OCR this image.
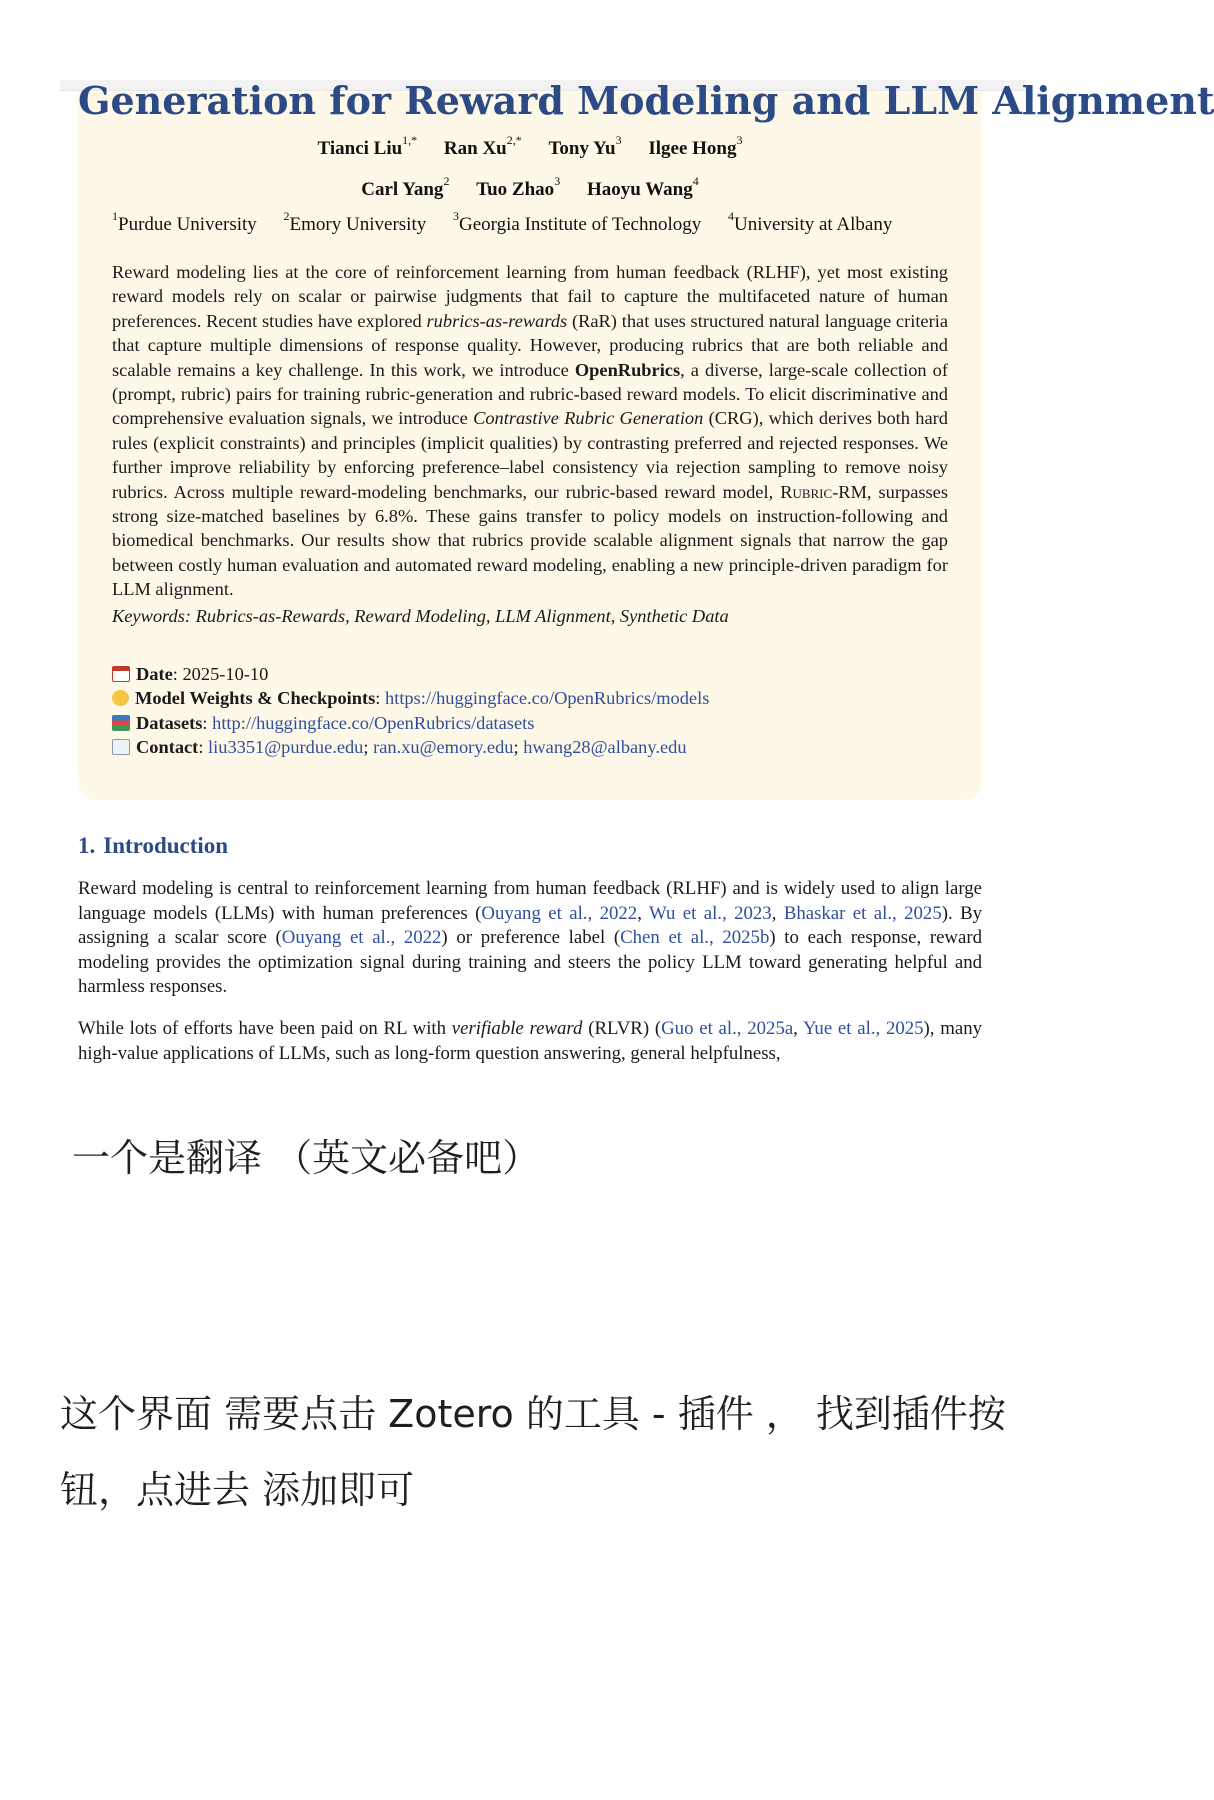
Generation for Reward Modeling and LLM Alignment
Tianci Liu$^{1,*}$ Ran $Xu^{2,*}$ Tony Yu$^3$ Ilgee Hong$^3$
Carl Yang$^2$ Tuo Zhao$^3$ Haoyu Wang$^4$
$^1$Purdue University $^2$Emory University $^3$Georgia Institute of Technology $^4$University at Albany

Reward modeling lies at the core of reinforcement learning from human feedback (RLHF), yet most existing reward models rely on scalar or pairwise judgments that fail to capture the multifaceted nature of human preferences. Recent studies have explored rubrics-as-rewards (RaR) that uses structured natural language criteria that capture multiple dimensions of response quality. However, producing rubrics that are both reliable and scalable remains a key challenge. In this work, we introduce OpenRubrics, a diverse, large-scale collection of (prompt, rubric) pairs for training rubric-generation and rubric-based reward models. To elicit discriminative and comprehensive evaluation signals, we introduce Contrastive Rubric Generation (CRG), which derives both hard rules (explicit constraints) and principles (implicit qualities) by contrasting preferred and rejected responses. We further improve reliability by enforcing preference–label consistency via rejection sampling to remove noisy rubrics. Across multiple reward-modeling benchmarks, our rubric-based reward model, Rubric-RM, surpasses strong size-matched baselines by 6.8%. These gains transfer to policy models on instruction-following and biomedical benchmarks. Our results show that rubrics provide scalable alignment signals that narrow the gap between costly human evaluation and automated reward modeling, enabling a new principle-driven paradigm for LLM alignment.

Keywords: Rubrics-as-Rewards, Reward Modeling, LLM Alignment, Synthetic Data

Date: 2025-10-10
Model Weights & Checkpoints: https://huggingface.co/OpenRubrics/models
Datasets: http://huggingface.co/OpenRubrics/datasets
Contact: liu3351@purdue.edu; ran.xu@emory.edu; hwang28@albany.edu
1. Introduction

Reward modeling is central to reinforcement learning from human feedback (RLHF) and is widely used to align large language models (LLMs) with human preferences (Ouyang et al., 2022, Wu et al., 2023, Bhaskar et al., 2025). By assigning a scalar score (Ouyang et al., 2022) or preference label (Chen et al., 2025b) to each response, reward modeling provides the optimization signal during training and steers the policy LLM toward generating helpful and harmless responses.

While lots of efforts have been paid on RL with verifiable reward (RLVR) (Guo et al., 2025a, Yue et al., 2025), many high-value applications of LLMs, such as long-form question answering, general helpfulness,

一个是翻译 （英文必备吧）

这个界面 需要点击 Zotero 的工具 - 插件 ， 找到插件按钮，点进去 添加即可
